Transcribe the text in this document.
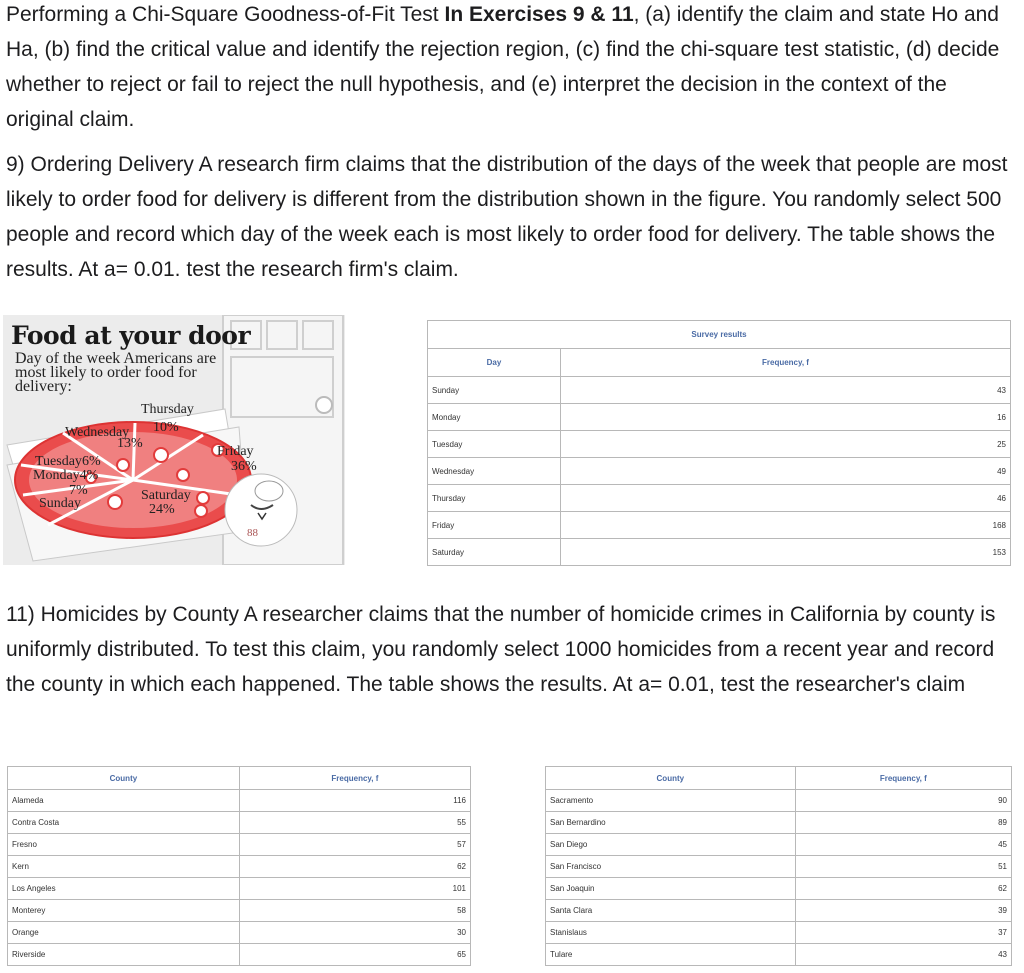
Performing a Chi-Square Goodness-of-Fit Test In Exercises 9 & 11, (a) identify the claim and state Ho and Ha, (b) find the critical value and identify the rejection region, (c) find the chi-square test statistic, (d) decide whether to reject or fail to reject the null hypothesis, and (e) interpret the decision in the context of the original claim.

9) Ordering Delivery A research firm claims that the distribution of the days of the week that people are most likely to order food for delivery is different from the distribution shown in the figure. You randomly select 500 people and record which day of the week each is most likely to order food for delivery. The table shows the results. At a= 0.01. test the research firm's claim.

Food at your door
Day of the week Americans are most likely to order food for delivery:
Thursday
10%
Wednesday
13%
Friday
36%
Tuesday6%
Monday4%
7%
Sunday
Saturday
24%
88
Survey results	
Day	Frequency, f
Sunday	43
Monday	16
Tuesday	25
Wednesday	49
Thursday	46
Friday	168
Saturday	153

11) Homicides by County A researcher claims that the number of homicide crimes in California by county is uniformly distributed. To test this claim, you randomly select 1000 homicides from a recent year and record the county in which each happened. The table shows the results. At a= 0.01, test the researcher's claim

County	Frequency, f
Alameda	116
Contra Costa	55
Fresno	57
Kern	62
Los Angeles	101
Monterey	58
Orange	30
Riverside	65
County	Frequency, f
Sacramento	90
San Bernardino	89
San Diego	45
San Francisco	51
San Joaquin	62
Santa Clara	39
Stanislaus	37
Tulare	43
